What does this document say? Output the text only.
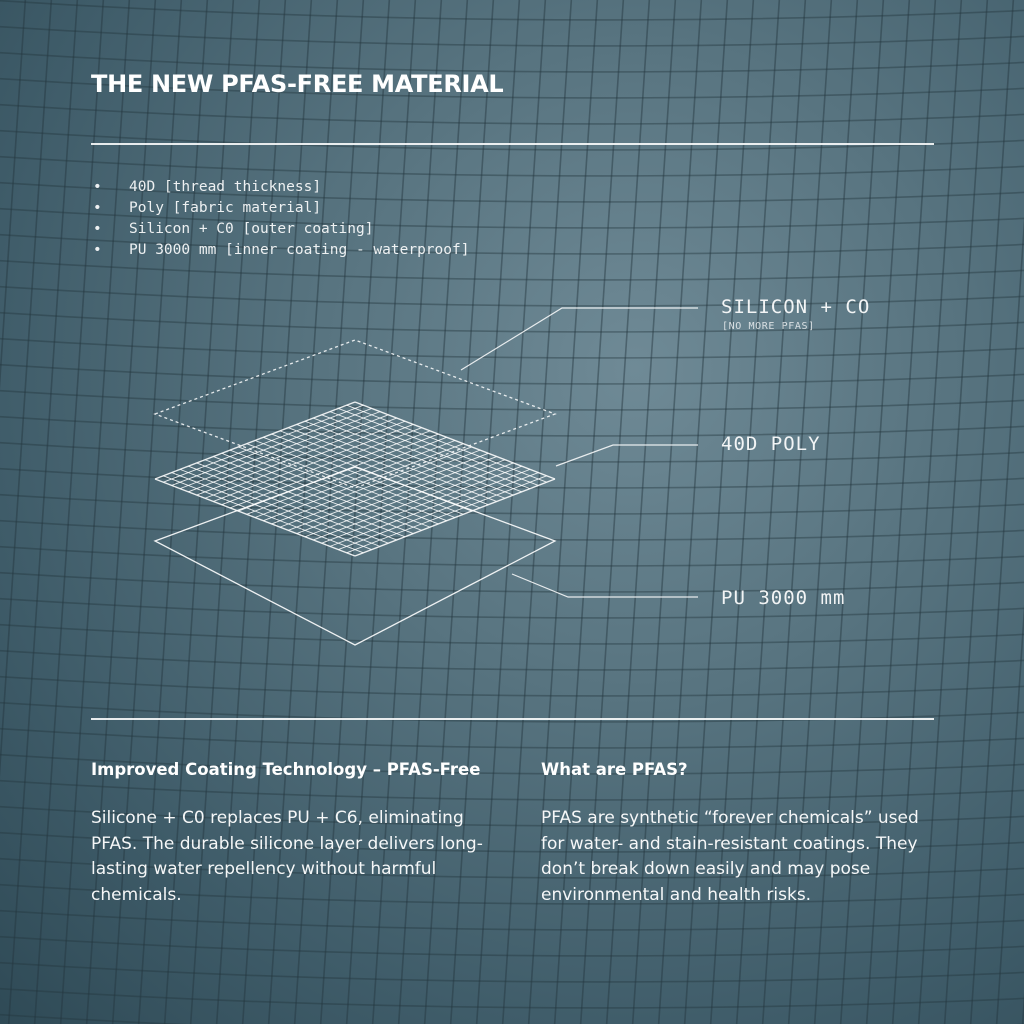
THE NEW PFAS-FREE MATERIAL
• 40D [thread thickness]
• Poly [fabric material]
• Silicon + C0 [outer coating]
• PU 3000 mm [inner coating - waterproof]
SILICON + CO
[NO MORE PFAS]
40D POLY
PU 3000 mm
Improved Coating Technology – PFAS-Free

Silicone + C0 replaces PU + C6, eliminating PFAS. The durable silicone layer delivers long-lasting water repellency without harmful chemicals.

What are PFAS?

PFAS are synthetic “forever chemicals” used for water- and stain-resistant coatings. They don’t break down easily and may pose environmental and health risks.
